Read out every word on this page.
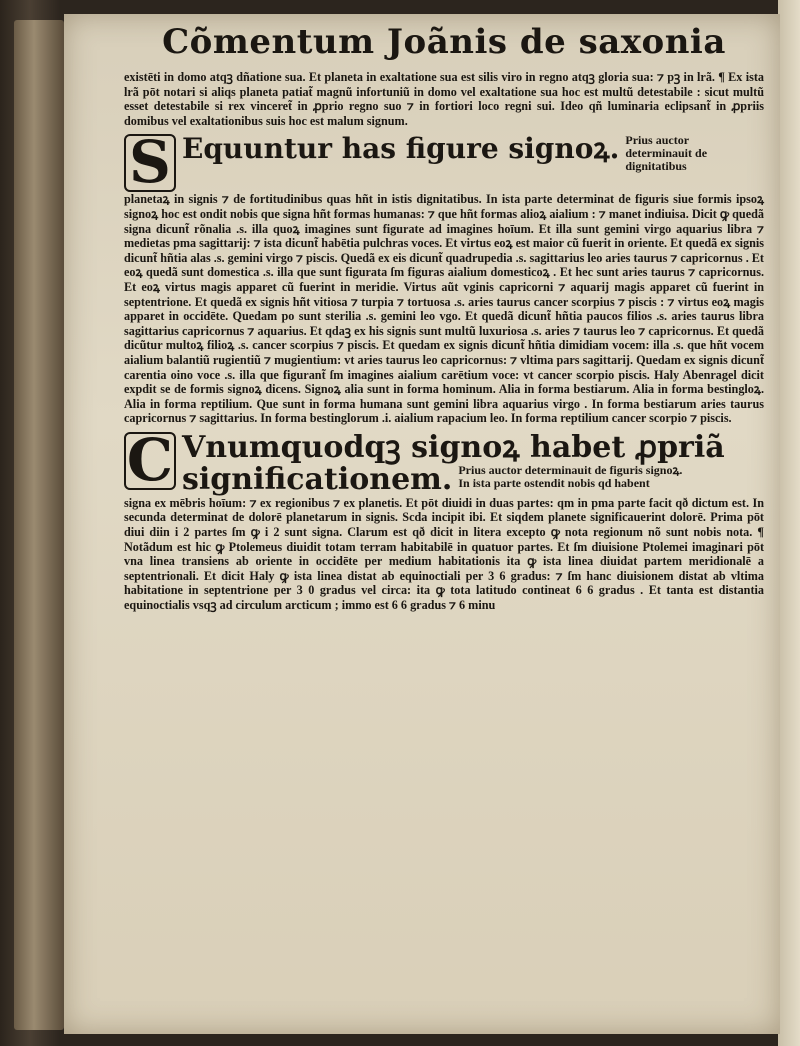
Cõmentum Joãnis de saxonia

existēti in domo atqꝫ dñatione sua. Et planeta in exaltatione sua est silis viro in regno atqꝫ gloria sua: ⁊ pꝫ in lrã. ¶ Ex ista lrã pōt notari si aliqs planeta patiat̃ magnũ infortuniũ in domo vel exaltatione sua hoc est multũ detestabile : sicut multũ esset detestabile si rex vinceret̃ in ꝓprio regno suo ⁊ in fortiori loco regni sui. Ideo qñ luminaria eclipsant̃ in ꝓpriis domibus vel exaltationibus suis hoc est malum signum.

S Equuntur has figure signoꝝ. Prius auctor determinauit de dignitatibus

planetaꝝ in signis ⁊ de fortitudinibus quas hñt in istis dignitatibus. In ista parte determinat de figuris siue formis ipsoꝝ signoꝝ hoc est ondit nobis que signa hñt formas humanas: ⁊ que hñt formas alioꝝ aialium : ⁊ manet indiuisa. Dicit ꝙ quedã signa dicunt̃ rõnalia .s. illa quoꝝ imagines sunt figurate ad imagines hoīum. Et illa sunt gemini virgo aquarius libra ⁊ medietas pma sagittarij: ⁊ ista dicunt̃ habētia pulchras voces. Et virtus eoꝝ est maior cũ fuerit in oriente. Et quedã ex signis dicunt̃ hñtia alas .s. gemini virgo ⁊ piscis. Quedã ex eis dicunt̃ quadrupedia .s. sagittarius leo aries taurus ⁊ capricornus . Et eoꝝ quedã sunt domestica .s. illa que sunt figurata ſm figuras aialium domesticoꝝ . Et hec sunt aries taurus ⁊ capricornus. Et eoꝝ virtus magis apparet cũ fuerint in meridie. Virtus aũt vginis capricorni ⁊ aquarij magis apparet cũ fuerint in septentrione. Et quedã ex signis hñt vitiosa ⁊ turpia ⁊ tortuosa .s. aries taurus cancer scorpius ⁊ piscis : ⁊ virtus eoꝝ magis apparet in occidēte. Quedam po sunt sterilia .s. gemini leo vgo. Et quedã dicunt̃ hñtia paucos filios .s. aries taurus libra sagittarius capricornus ⁊ aquarius. Et qdaꝫ ex his signis sunt multũ luxuriosa .s. aries ⁊ taurus leo ⁊ capricornus. Et quedã dicũtur multoꝝ filioꝝ .s. cancer scorpius ⁊ piscis. Et quedam ex signis dicunt̃ hñtia dimidiam vocem: illa .s. que hñt vocem aialium balantiũ rugientiũ ⁊ mugientium: vt aries taurus leo capricornus: ⁊ vltima pars sagittarij. Quedam ex signis dicunt̃ carentia oino voce .s. illa que figurant̃ ſm imagines aialium carētium voce: vt cancer scorpio piscis. Haly Abenragel dicit expdit se de formis signoꝝ dicens. Signoꝝ alia sunt in forma hominum. Alia in forma bestiarum. Alia in forma bestingloꝝ. Alia in forma reptilium. Que sunt in forma humana sunt gemini libra aquarius virgo . In forma bestiarum aries taurus capricornus ⁊ sagittarius. In forma bestinglorum .i. aialium rapacium leo. In forma reptilium cancer scorpio ⁊ piscis.

C Vnumquodqꝫ signoꝝ habet ꝓpriã
significationem. Prius auctor determinauit de figuris signoꝝ. In ista parte ostendit nobis qd habent

signa ex mēbris hoīum: ⁊ ex regionibus ⁊ ex planetis. Et pōt diuidi in duas partes: qm in pma parte facit qð dictum est. In secunda determinat de dolorē planetarum in signis. Scda incipit ibi. Et siqdem planete significauerint dolorē. Prima pōt diui diin i 2 partes ſm ꝙ i 2 sunt signa. Clarum est qð dicit in litera excepto ꝙ nota regionum nõ sunt nobis nota. ¶ Notãdum est hic ꝙ Ptolemeus diuidit totam terram habitabilē in quatuor partes. Et ſm diuisione Ptolemei imaginari pōt vna linea transiens ab oriente in occidēte per medium habitationis ita ꝙ ista linea diuidat partem meridionalē a septentrionali. Et dicit Haly ꝙ ista linea distat ab equinoctiali per 3 6 gradus: ⁊ ſm hanc diuisionem distat ab vltima habitatione in septentrione per 3 0 gradus vel circa: ita ꝙ tota latitudo contineat 6 6 gradus . Et tanta est distantia equinoctialis vsqꝫ ad circulum arcticum ; immo est 6 6 gradus ⁊ 6 minu
